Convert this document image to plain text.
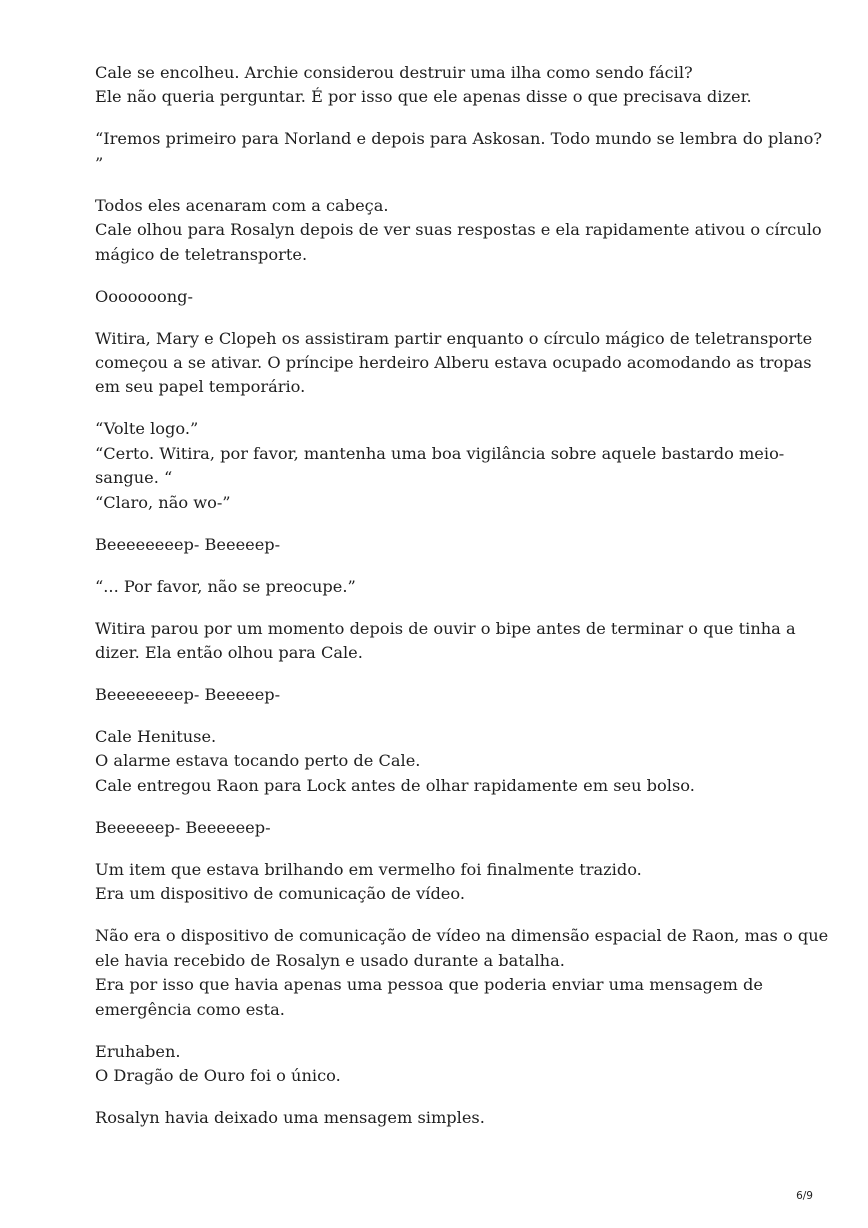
Cale se encolheu. Archie considerou destruir uma ilha como sendo fácil?
Ele não queria perguntar. É por isso que ele apenas disse o que precisava dizer.

“Iremos primeiro para Norland e depois para Askosan. Todo mundo se lembra do plano?
”

Todos eles acenaram com a cabeça.
Cale olhou para Rosalyn depois de ver suas respostas e ela rapidamente ativou o círculo
mágico de teletransporte.

Ooooooong-

Witira, Mary e Clopeh os assistiram partir enquanto o círculo mágico de teletransporte
começou a se ativar. O príncipe herdeiro Alberu estava ocupado acomodando as tropas
em seu papel temporário.

“Volte logo.”
“Certo. Witira, por favor, mantenha uma boa vigilância sobre aquele bastardo meio-
sangue. “
“Claro, não wo-”

Beeeeeeeep- Beeeeep-

“... Por favor, não se preocupe.”

Witira parou por um momento depois de ouvir o bipe antes de terminar o que tinha a
dizer. Ela então olhou para Cale.

Beeeeeeeep- Beeeeep-

Cale Henituse.
O alarme estava tocando perto de Cale.
Cale entregou Raon para Lock antes de olhar rapidamente em seu bolso.

Beeeeeep- Beeeeeep-

Um item que estava brilhando em vermelho foi finalmente trazido.
Era um dispositivo de comunicação de vídeo.

Não era o dispositivo de comunicação de vídeo na dimensão espacial de Raon, mas o que
ele havia recebido de Rosalyn e usado durante a batalha.
Era por isso que havia apenas uma pessoa que poderia enviar uma mensagem de
emergência como esta.

Eruhaben.
O Dragão de Ouro foi o único.

Rosalyn havia deixado uma mensagem simples.

6/9
